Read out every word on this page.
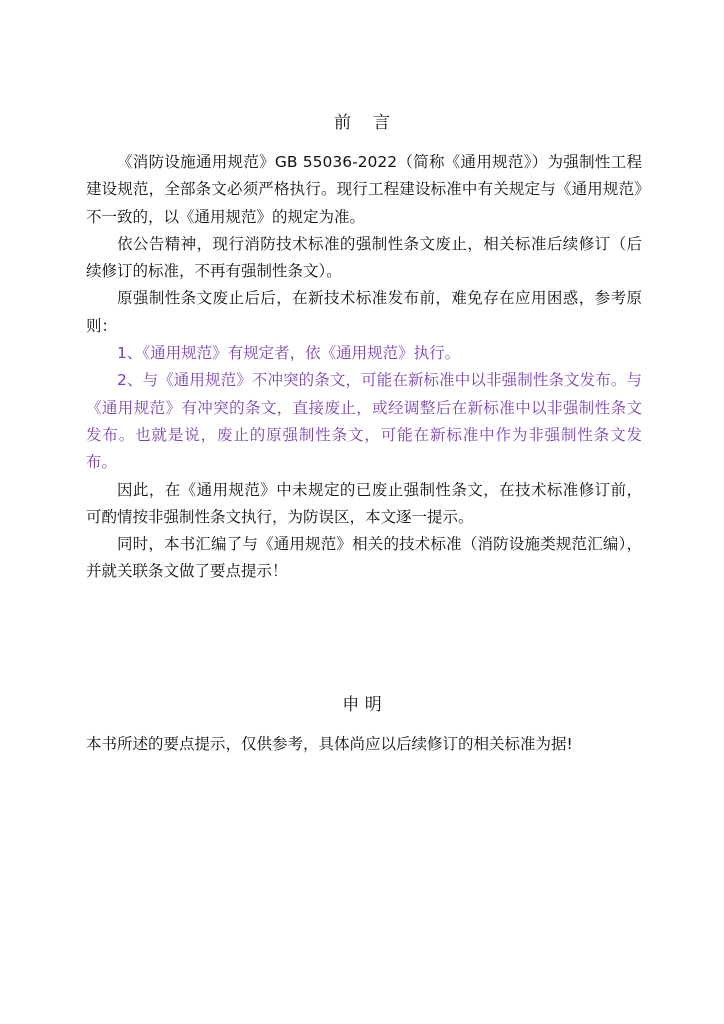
前 言

《消防设施通用规范》GB 55036-2022（简称《通用规范》）为强制性工程建设规范，全部条文必须严格执行。现行工程建设标准中有关规定与《通用规范》不一致的，以《通用规范》的规定为准。

依公告精神，现行消防技术标准的强制性条文废止，相关标准后续修订（后续修订的标准，不再有强制性条文）。

原强制性条文废止后后，在新技术标准发布前，难免存在应用困惑，参考原则：

1、《通用规范》有规定者，依《通用规范》执行。

2、与《通用规范》不冲突的条文，可能在新标准中以非强制性条文发布。与《通用规范》有冲突的条文，直接废止，或经调整后在新标准中以非强制性条文发布。也就是说，废止的原强制性条文，可能在新标准中作为非强制性条文发布。

因此，在《通用规范》中未规定的已废止强制性条文，在技术标准修订前，可酌情按非强制性条文执行，为防误区，本文逐一提示。

同时，本书汇编了与《通用规范》相关的技术标准（消防设施类规范汇编），并就关联条文做了要点提示！

申 明

本书所述的要点提示，仅供参考，具体尚应以后续修订的相关标准为据!
